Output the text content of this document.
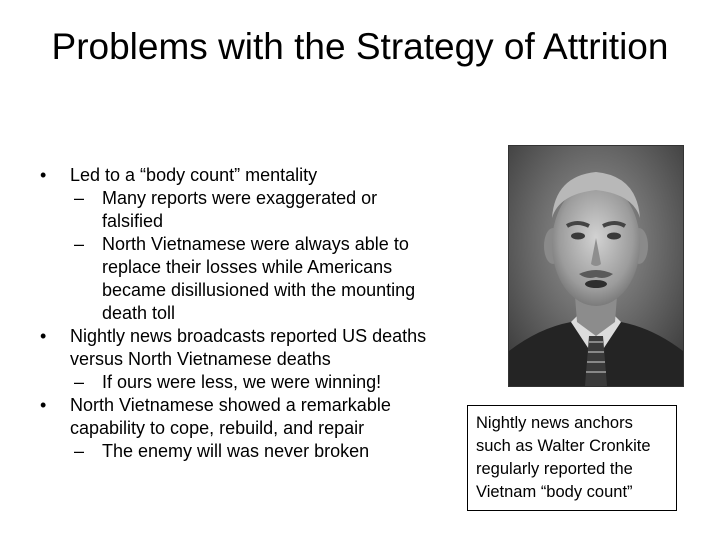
Problems with the Strategy of Attrition
• Led to a “body count” mentality
– Many reports were exaggerated or falsified
– North Vietnamese were always able to replace their losses while Americans became disillusioned with the mounting death toll
• Nightly news broadcasts reported US deaths versus North Vietnamese deaths
– If ours were less, we were winning!
• North Vietnamese showed a remarkable capability to cope, rebuild, and repair
– The enemy will was never broken
Nightly news anchors such as Walter Cronkite regularly reported the Vietnam “body count”
